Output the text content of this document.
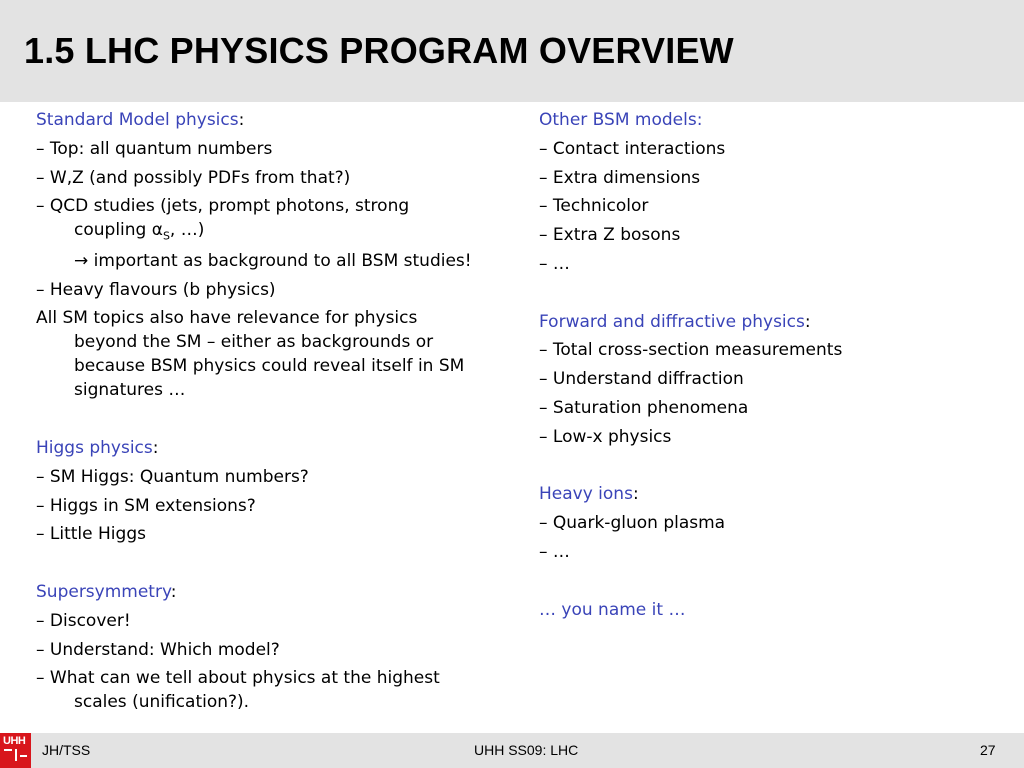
1.5 LHC PHYSICS PROGRAM OVERVIEW
Standard Model physics:
– Top: all quantum numbers
– W,Z (and possibly PDFs from that?)
– QCD studies (jets, prompt photons, strong
coupling $\alpha_S$, …)
→ important as background to all BSM studies!
– Heavy flavours (b physics)
All SM topics also have relevance for physics
beyond the SM – either as backgrounds or
because BSM physics could reveal itself in SM
signatures …
Higgs physics:
– SM Higgs: Quantum numbers?
– Higgs in SM extensions?
– Little Higgs
Supersymmetry:
– Discover!
– Understand: Which model?
– What can we tell about physics at the highest
scales (unification?).
Other BSM models:
– Contact interactions
– Extra dimensions
– Technicolor
– Extra Z bosons
– …
Forward and diffractive physics:
– Total cross-section measurements
– Understand diffraction
– Saturation phenomena
– Low-x physics
Heavy ions:
– Quark-gluon plasma
– …
… you name it …
UHH
JH/TSS	UHH SS09: LHC	27
